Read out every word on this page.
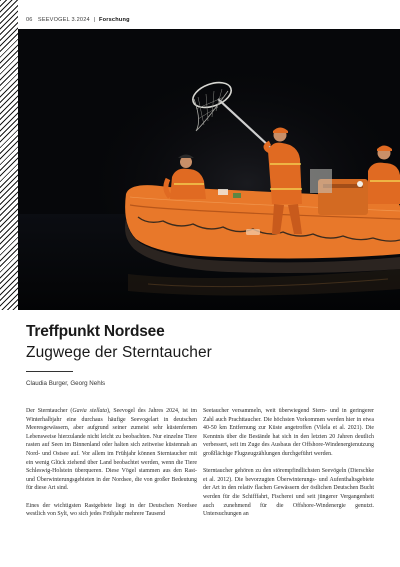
06 SEEVOGEL 3.2024 | Forschung
Treffpunkt Nordsee
Zugwege der Sterntaucher
Claudia Burger, Georg Nehls

Der Sterntaucher (Gavia stellata), Seevogel des Jahres 2024, ist im Winterhalbjahr eine durchaus häufige Seevogelart in deutschen Meeresgewässern, aber aufgrund seiner zumeist sehr küstenfernen Lebensweise hierzulande nicht leicht zu beobachten. Nur einzelne Tiere rasten auf Seen im Binnenland oder halten sich zeitweise küstennah an Nord- und Ostsee auf. Vor allem im Frühjahr können Sterntaucher mit ein wenig Glück ziehend über Land beobachtet werden, wenn die Tiere Schleswig-Holstein überqueren. Diese Vögel stammen aus den Rast- und Überwinterungsgebieten in der Nordsee, die von großer Bedeutung für diese Art sind.

Eines der wichtigsten Rastgebiete liegt in der Deutschen Nordsee westlich von Sylt, wo sich jedes Frühjahr mehrere Tausend

Seetaucher versammeln, weit überwiegend Stern- und in geringerer Zahl auch Prachttaucher. Die höchsten Vorkommen werden hier in etwa 40-50 km Entfernung zur Küste angetroffen (Vilela et al. 2021). Die Kenntnis über die Bestände hat sich in den letzten 20 Jahren deutlich verbessert, seit im Zuge des Ausbaus der Offshore-Windenergienutzung großflächige Flugzeugzählungen durchgeführt werden.

Sterntaucher gehören zu den störempfindlichsten Seevögeln (Dierschke et al. 2012). Die bevorzugten Überwinterungs- und Aufenthaltsgebiete der Art in den relativ flachen Gewässern der östlichen Deutschen Bucht werden für die Schifffahrt, Fischerei und seit jüngerer Vergangenheit auch zunehmend für die Offshore-Windenergie genutzt. Untersuchungen an
